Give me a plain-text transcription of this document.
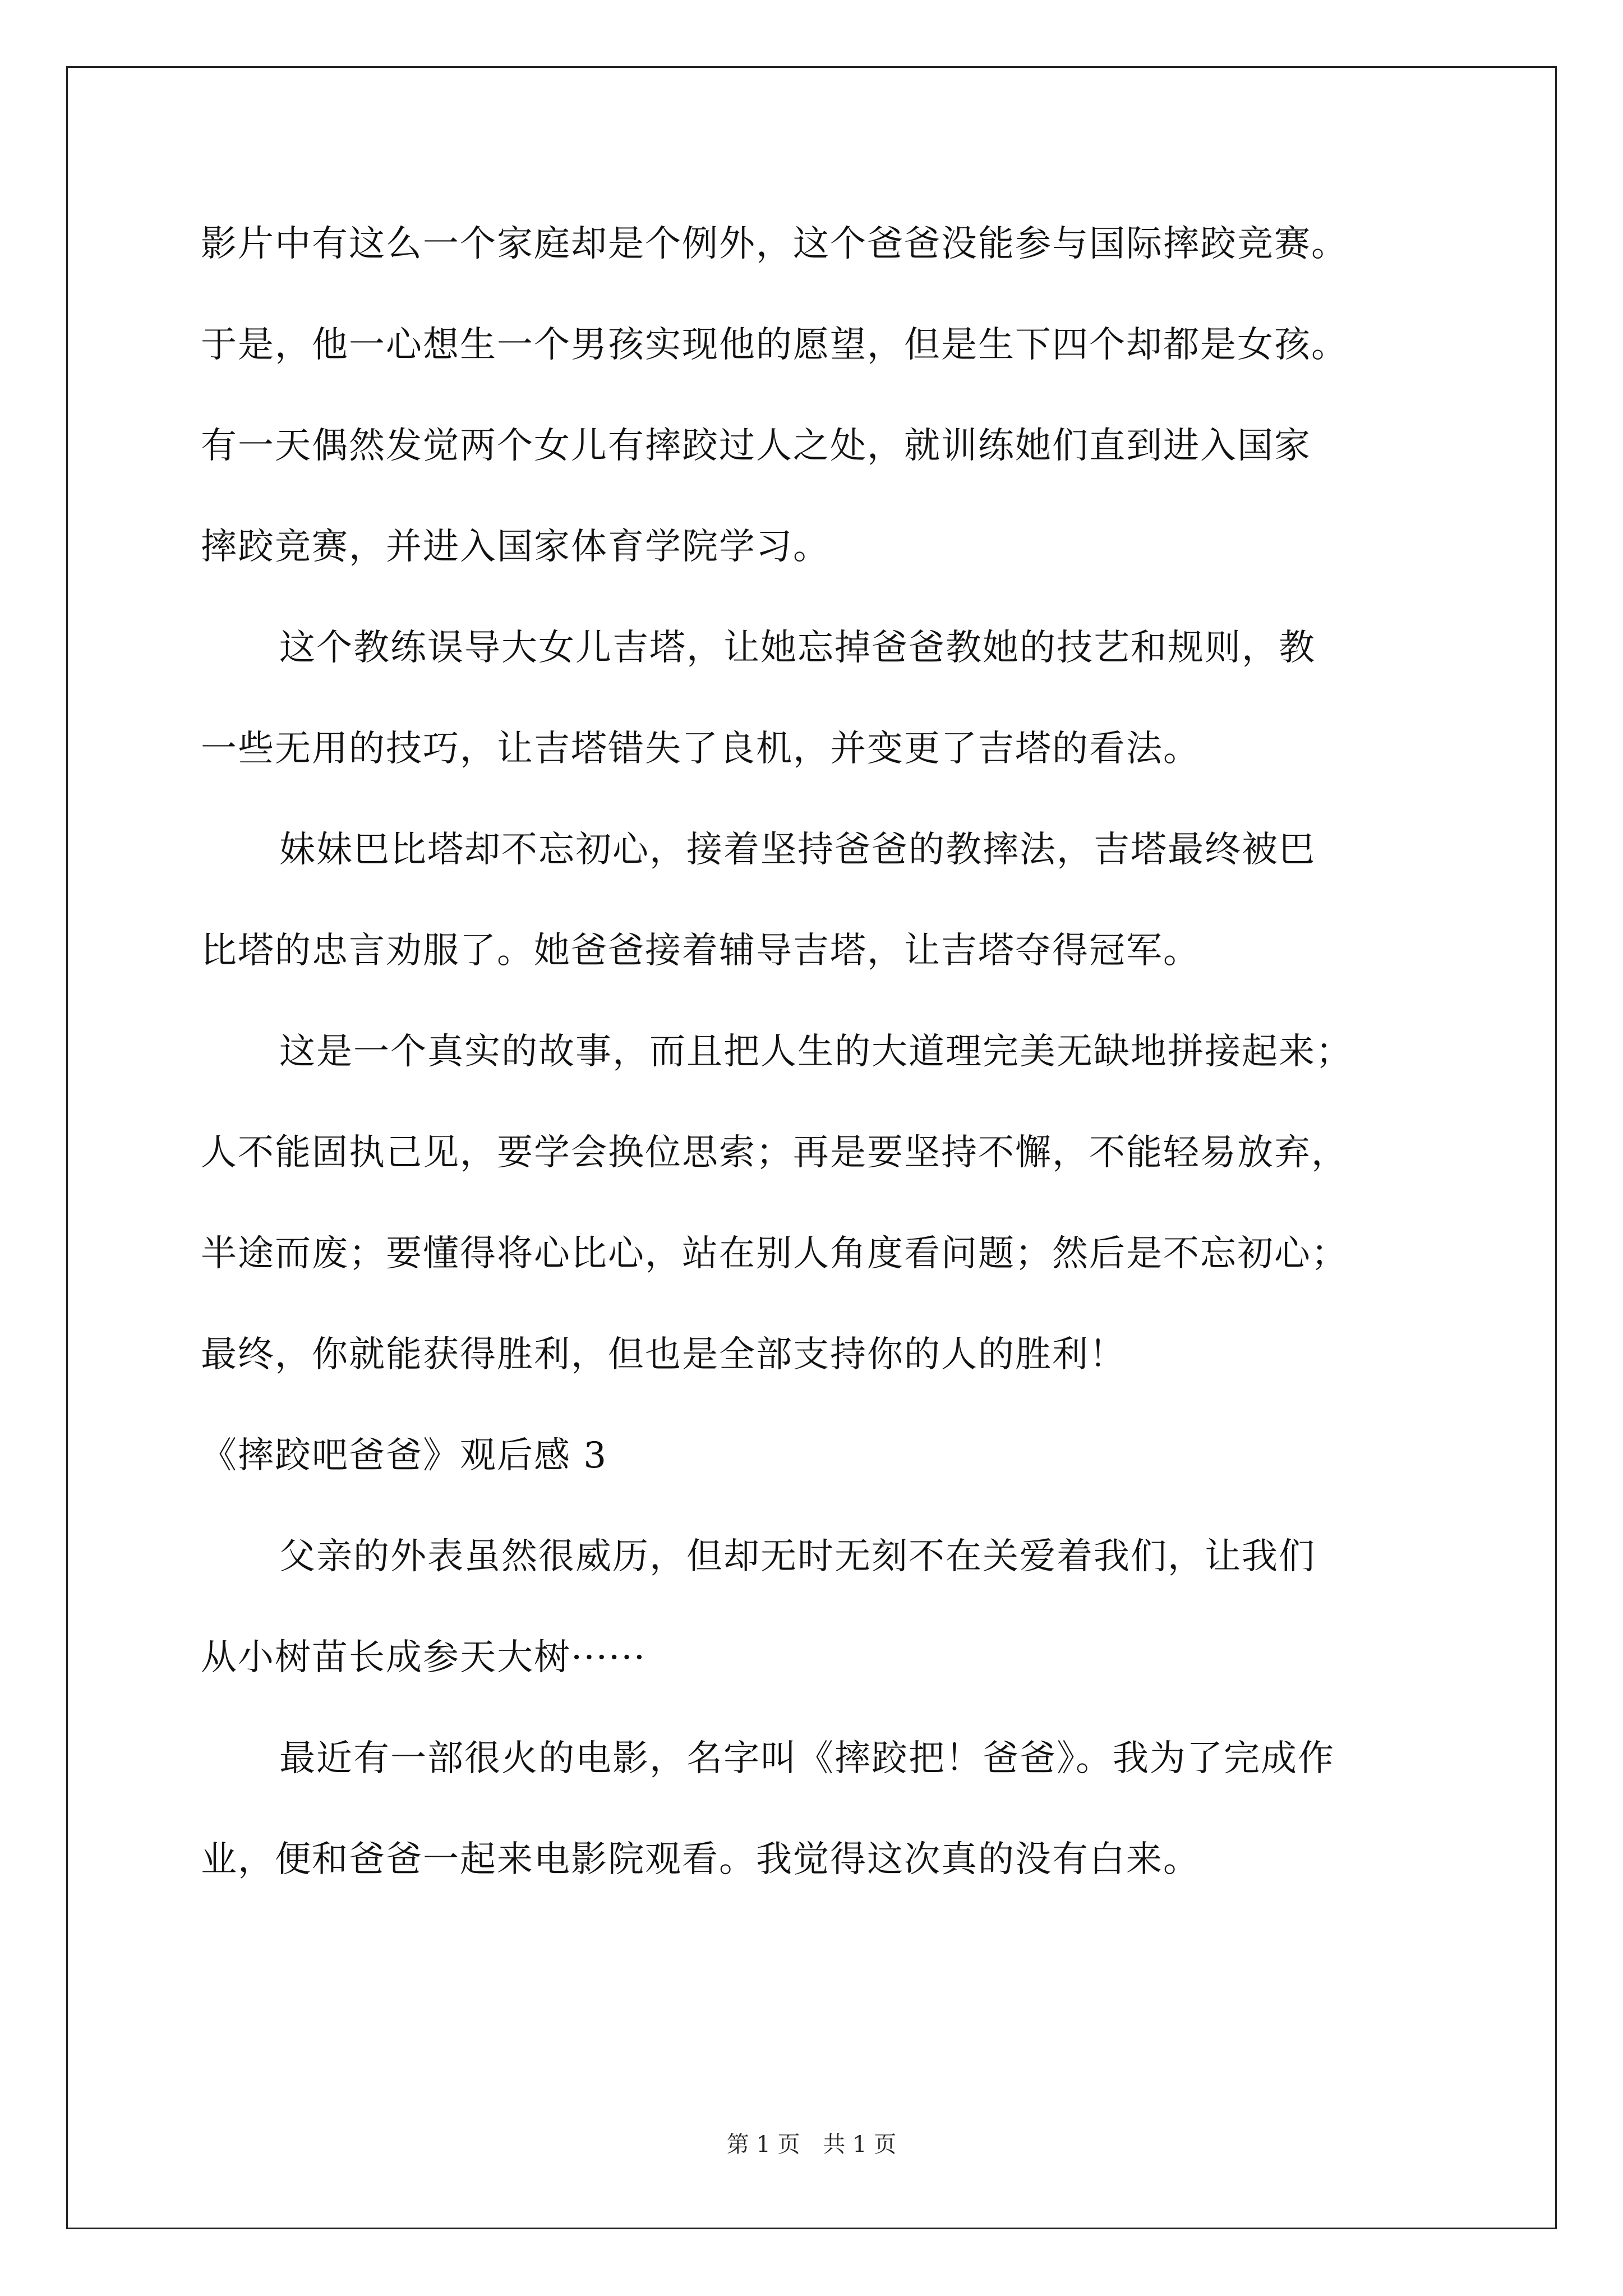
影片中有这么一个家庭却是个例外，这个爸爸没能参与国际摔跤竞赛。
于是，他一心想生一个男孩实现他的愿望，但是生下四个却都是女孩。
有一天偶然发觉两个女儿有摔跤过人之处，就训练她们直到进入国家
摔跤竞赛，并进入国家体育学院学习。
这个教练误导大女儿吉塔，让她忘掉爸爸教她的技艺和规则，教
一些无用的技巧，让吉塔错失了良机，并变更了吉塔的看法。
妹妹巴比塔却不忘初心，接着坚持爸爸的教摔法，吉塔最终被巴
比塔的忠言劝服了。她爸爸接着辅导吉塔，让吉塔夺得冠军。
这是一个真实的故事，而且把人生的大道理完美无缺地拼接起来；
人不能固执己见，要学会换位思索；再是要坚持不懈，不能轻易放弃，
半途而废；要懂得将心比心，站在别人角度看问题；然后是不忘初心；
最终，你就能获得胜利，但也是全部支持你的人的胜利！
《摔跤吧爸爸》观后感 3
父亲的外表虽然很威历，但却无时无刻不在关爱着我们，让我们
从小树苗长成参天大树······
最近有一部很火的电影，名字叫《摔跤把！爸爸》。我为了完成作
业，便和爸爸一起来电影院观看。我觉得这次真的没有白来。
第 1 页 共 1 页
